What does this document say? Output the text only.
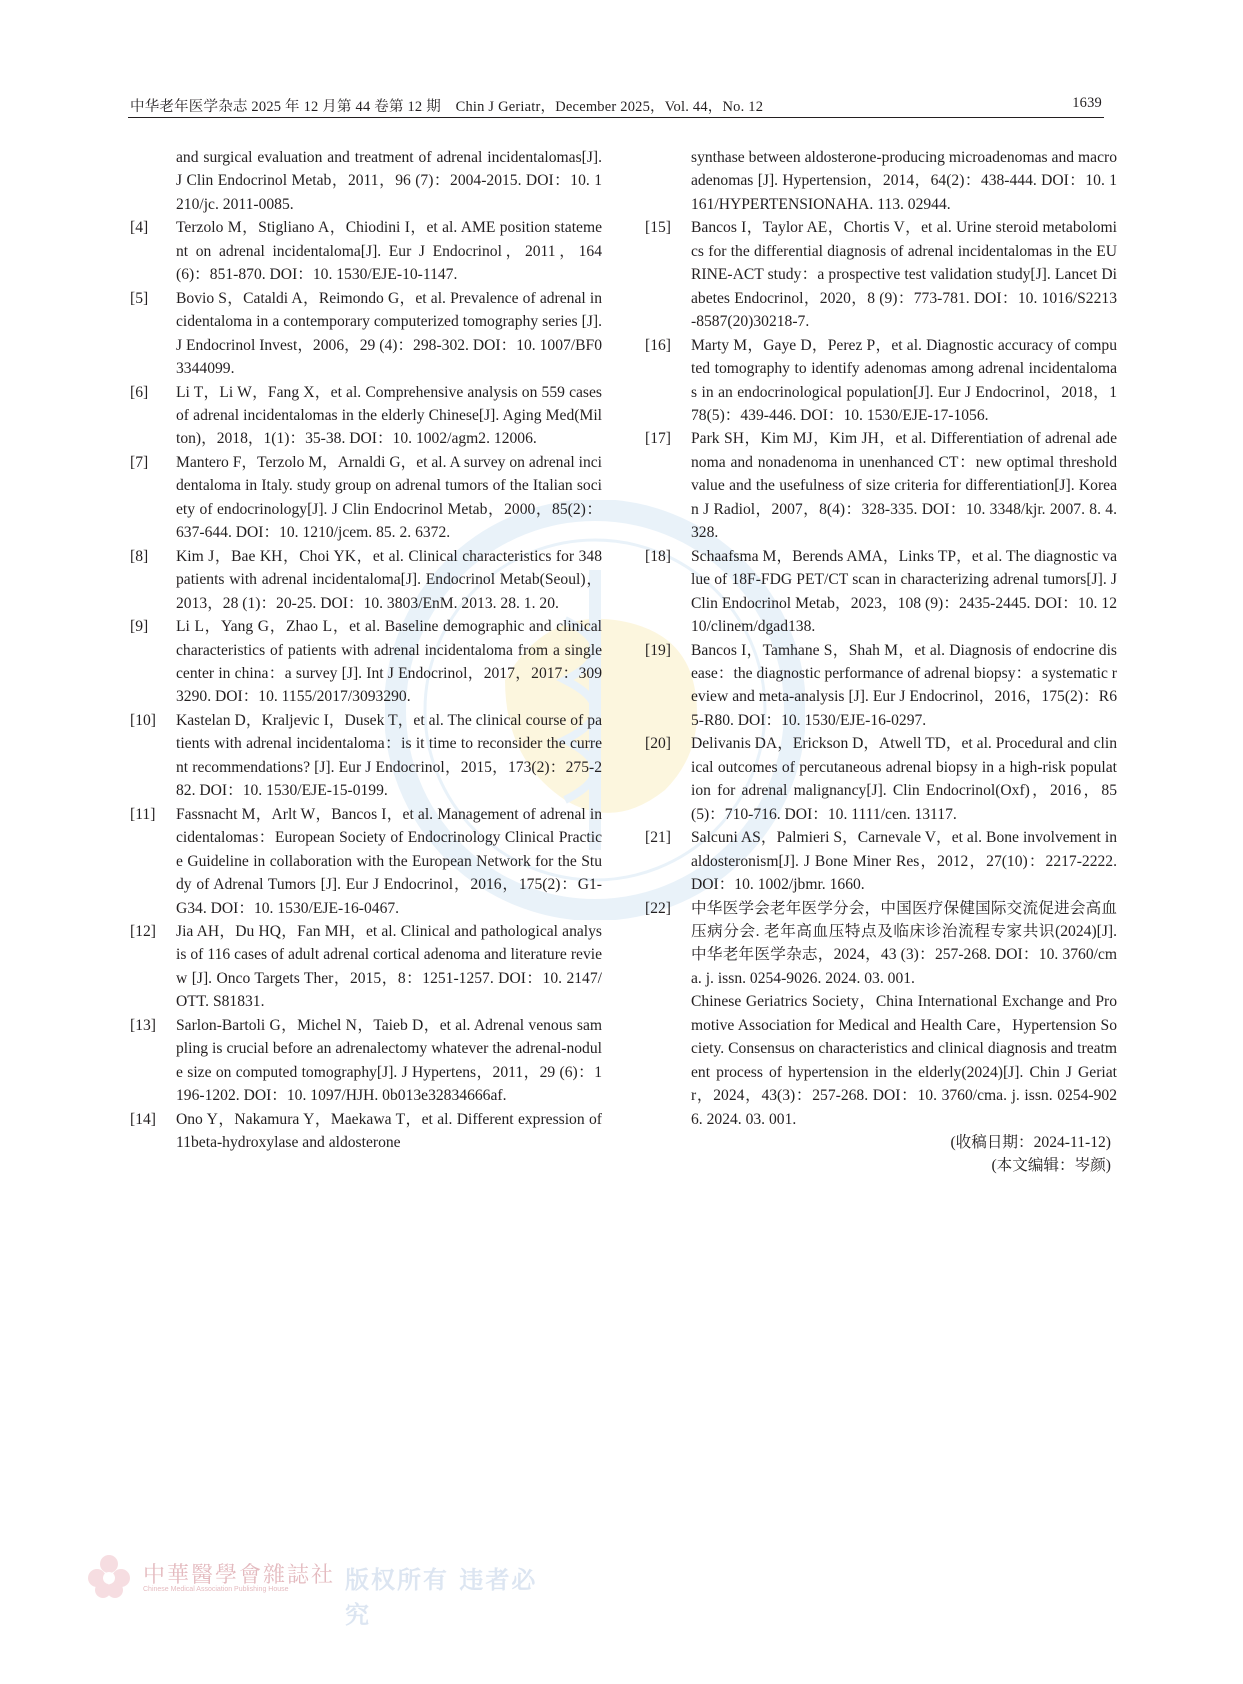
中华老年医学杂志 2025 年 12 月第 44 卷第 12 期　Chin J Geriatr，December 2025，Vol. 44，No. 12	1639
and surgical evaluation and treatment of adrenal incidentalomas[J]. J Clin Endocrinol Metab，2011，96 (7)：2004-2015. DOI：10. 1210/jc. 2011-0085.
[4] Terzolo M，Stigliano A，Chiodini I，et al. AME position statement on adrenal incidentaloma[J]. Eur J Endocrinol，2011，164 (6)：851-870. DOI：10. 1530/EJE-10-1147.
[5] Bovio S，Cataldi A，Reimondo G，et al. Prevalence of adrenal incidentaloma in a contemporary computerized tomography series [J]. J Endocrinol Invest，2006，29 (4)：298-302. DOI：10. 1007/BF03344099.
[6] Li T，Li W，Fang X，et al. Comprehensive analysis on 559 cases of adrenal incidentalomas in the elderly Chinese[J]. Aging Med(Milton)，2018，1(1)：35-38. DOI：10. 1002/agm2. 12006.
[7] Mantero F，Terzolo M，Arnaldi G，et al. A survey on adrenal incidentaloma in Italy. study group on adrenal tumors of the Italian society of endocrinology[J]. J Clin Endocrinol Metab，2000，85(2)：637-644. DOI：10. 1210/jcem. 85. 2. 6372.
[8] Kim J，Bae KH，Choi YK，et al. Clinical characteristics for 348 patients with adrenal incidentaloma[J]. Endocrinol Metab(Seoul)，2013，28 (1)：20-25. DOI：10. 3803/EnM. 2013. 28. 1. 20.
[9] Li L，Yang G，Zhao L，et al. Baseline demographic and clinical characteristics of patients with adrenal incidentaloma from a single center in china：a survey [J]. Int J Endocrinol，2017，2017：3093290. DOI：10. 1155/2017/3093290.
[10] Kastelan D，Kraljevic I，Dusek T，et al. The clinical course of patients with adrenal incidentaloma：is it time to reconsider the current recommendations? [J]. Eur J Endocrinol，2015，173(2)：275-282. DOI：10. 1530/EJE-15-0199.
[11] Fassnacht M，Arlt W，Bancos I，et al. Management of adrenal incidentalomas：European Society of Endocrinology Clinical Practice Guideline in collaboration with the European Network for the Study of Adrenal Tumors [J]. Eur J Endocrinol，2016，175(2)：G1-G34. DOI：10. 1530/EJE-16-0467.
[12] Jia AH，Du HQ，Fan MH，et al. Clinical and pathological analysis of 116 cases of adult adrenal cortical adenoma and literature review [J]. Onco Targets Ther，2015，8：1251-1257. DOI：10. 2147/OTT. S81831.
[13] Sarlon-Bartoli G，Michel N，Taieb D，et al. Adrenal venous sampling is crucial before an adrenalectomy whatever the adrenal-nodule size on computed tomography[J]. J Hypertens，2011，29 (6)：1196-1202. DOI：10. 1097/HJH. 0b013e32834666af.
[14] Ono Y，Nakamura Y，Maekawa T，et al. Different expression of 11beta-hydroxylase and aldosterone
synthase between aldosterone-producing microadenomas and macroadenomas [J]. Hypertension，2014，64(2)：438-444. DOI：10. 1161/HYPERTENSIONAHA. 113. 02944.
[15] Bancos I，Taylor AE，Chortis V，et al. Urine steroid metabolomics for the differential diagnosis of adrenal incidentalomas in the EURINE-ACT study：a prospective test validation study[J]. Lancet Diabetes Endocrinol，2020，8 (9)：773-781. DOI：10. 1016/S2213-8587(20)30218-7.
[16] Marty M，Gaye D，Perez P，et al. Diagnostic accuracy of computed tomography to identify adenomas among adrenal incidentalomas in an endocrinological population[J]. Eur J Endocrinol，2018，178(5)：439-446. DOI：10. 1530/EJE-17-1056.
[17] Park SH，Kim MJ，Kim JH，et al. Differentiation of adrenal adenoma and nonadenoma in unenhanced CT：new optimal threshold value and the usefulness of size criteria for differentiation[J]. Korean J Radiol，2007，8(4)：328-335. DOI：10. 3348/kjr. 2007. 8. 4. 328.
[18] Schaafsma M，Berends AMA，Links TP，et al. The diagnostic value of 18F-FDG PET/CT scan in characterizing adrenal tumors[J]. J Clin Endocrinol Metab，2023，108 (9)：2435-2445. DOI：10. 1210/clinem/dgad138.
[19] Bancos I，Tamhane S，Shah M，et al. Diagnosis of endocrine disease：the diagnostic performance of adrenal biopsy：a systematic review and meta-analysis [J]. Eur J Endocrinol，2016，175(2)：R65-R80. DOI：10. 1530/EJE-16-0297.
[20] Delivanis DA，Erickson D，Atwell TD，et al. Procedural and clinical outcomes of percutaneous adrenal biopsy in a high-risk population for adrenal malignancy[J]. Clin Endocrinol(Oxf)，2016，85(5)：710-716. DOI：10. 1111/cen. 13117.
[21] Salcuni AS，Palmieri S，Carnevale V，et al. Bone involvement in aldosteronism[J]. J Bone Miner Res，2012，27(10)：2217-2222. DOI：10. 1002/jbmr. 1660.
[22] 中华医学会老年医学分会，中国医疗保健国际交流促进会高血压病分会. 老年高血压特点及临床诊治流程专家共识(2024)[J]. 中华老年医学杂志，2024，43 (3)：257-268. DOI：10. 3760/cma. j. issn. 0254-9026. 2024. 03. 001.
Chinese Geriatrics Society，China International Exchange and Promotive Association for Medical and Health Care，Hypertension Society. Consensus on characteristics and clinical diagnosis and treatment process of hypertension in the elderly(2024)[J]. Chin J Geriatr，2024，43(3)：257-268. DOI：10. 3760/cma. j. issn. 0254-9026. 2024. 03. 001.
(收稿日期：2024-11-12)
(本文编辑：岑颜)
中華醫學會雜誌社
Chinese Medical Association Publishing House 版权所有 违者必究
